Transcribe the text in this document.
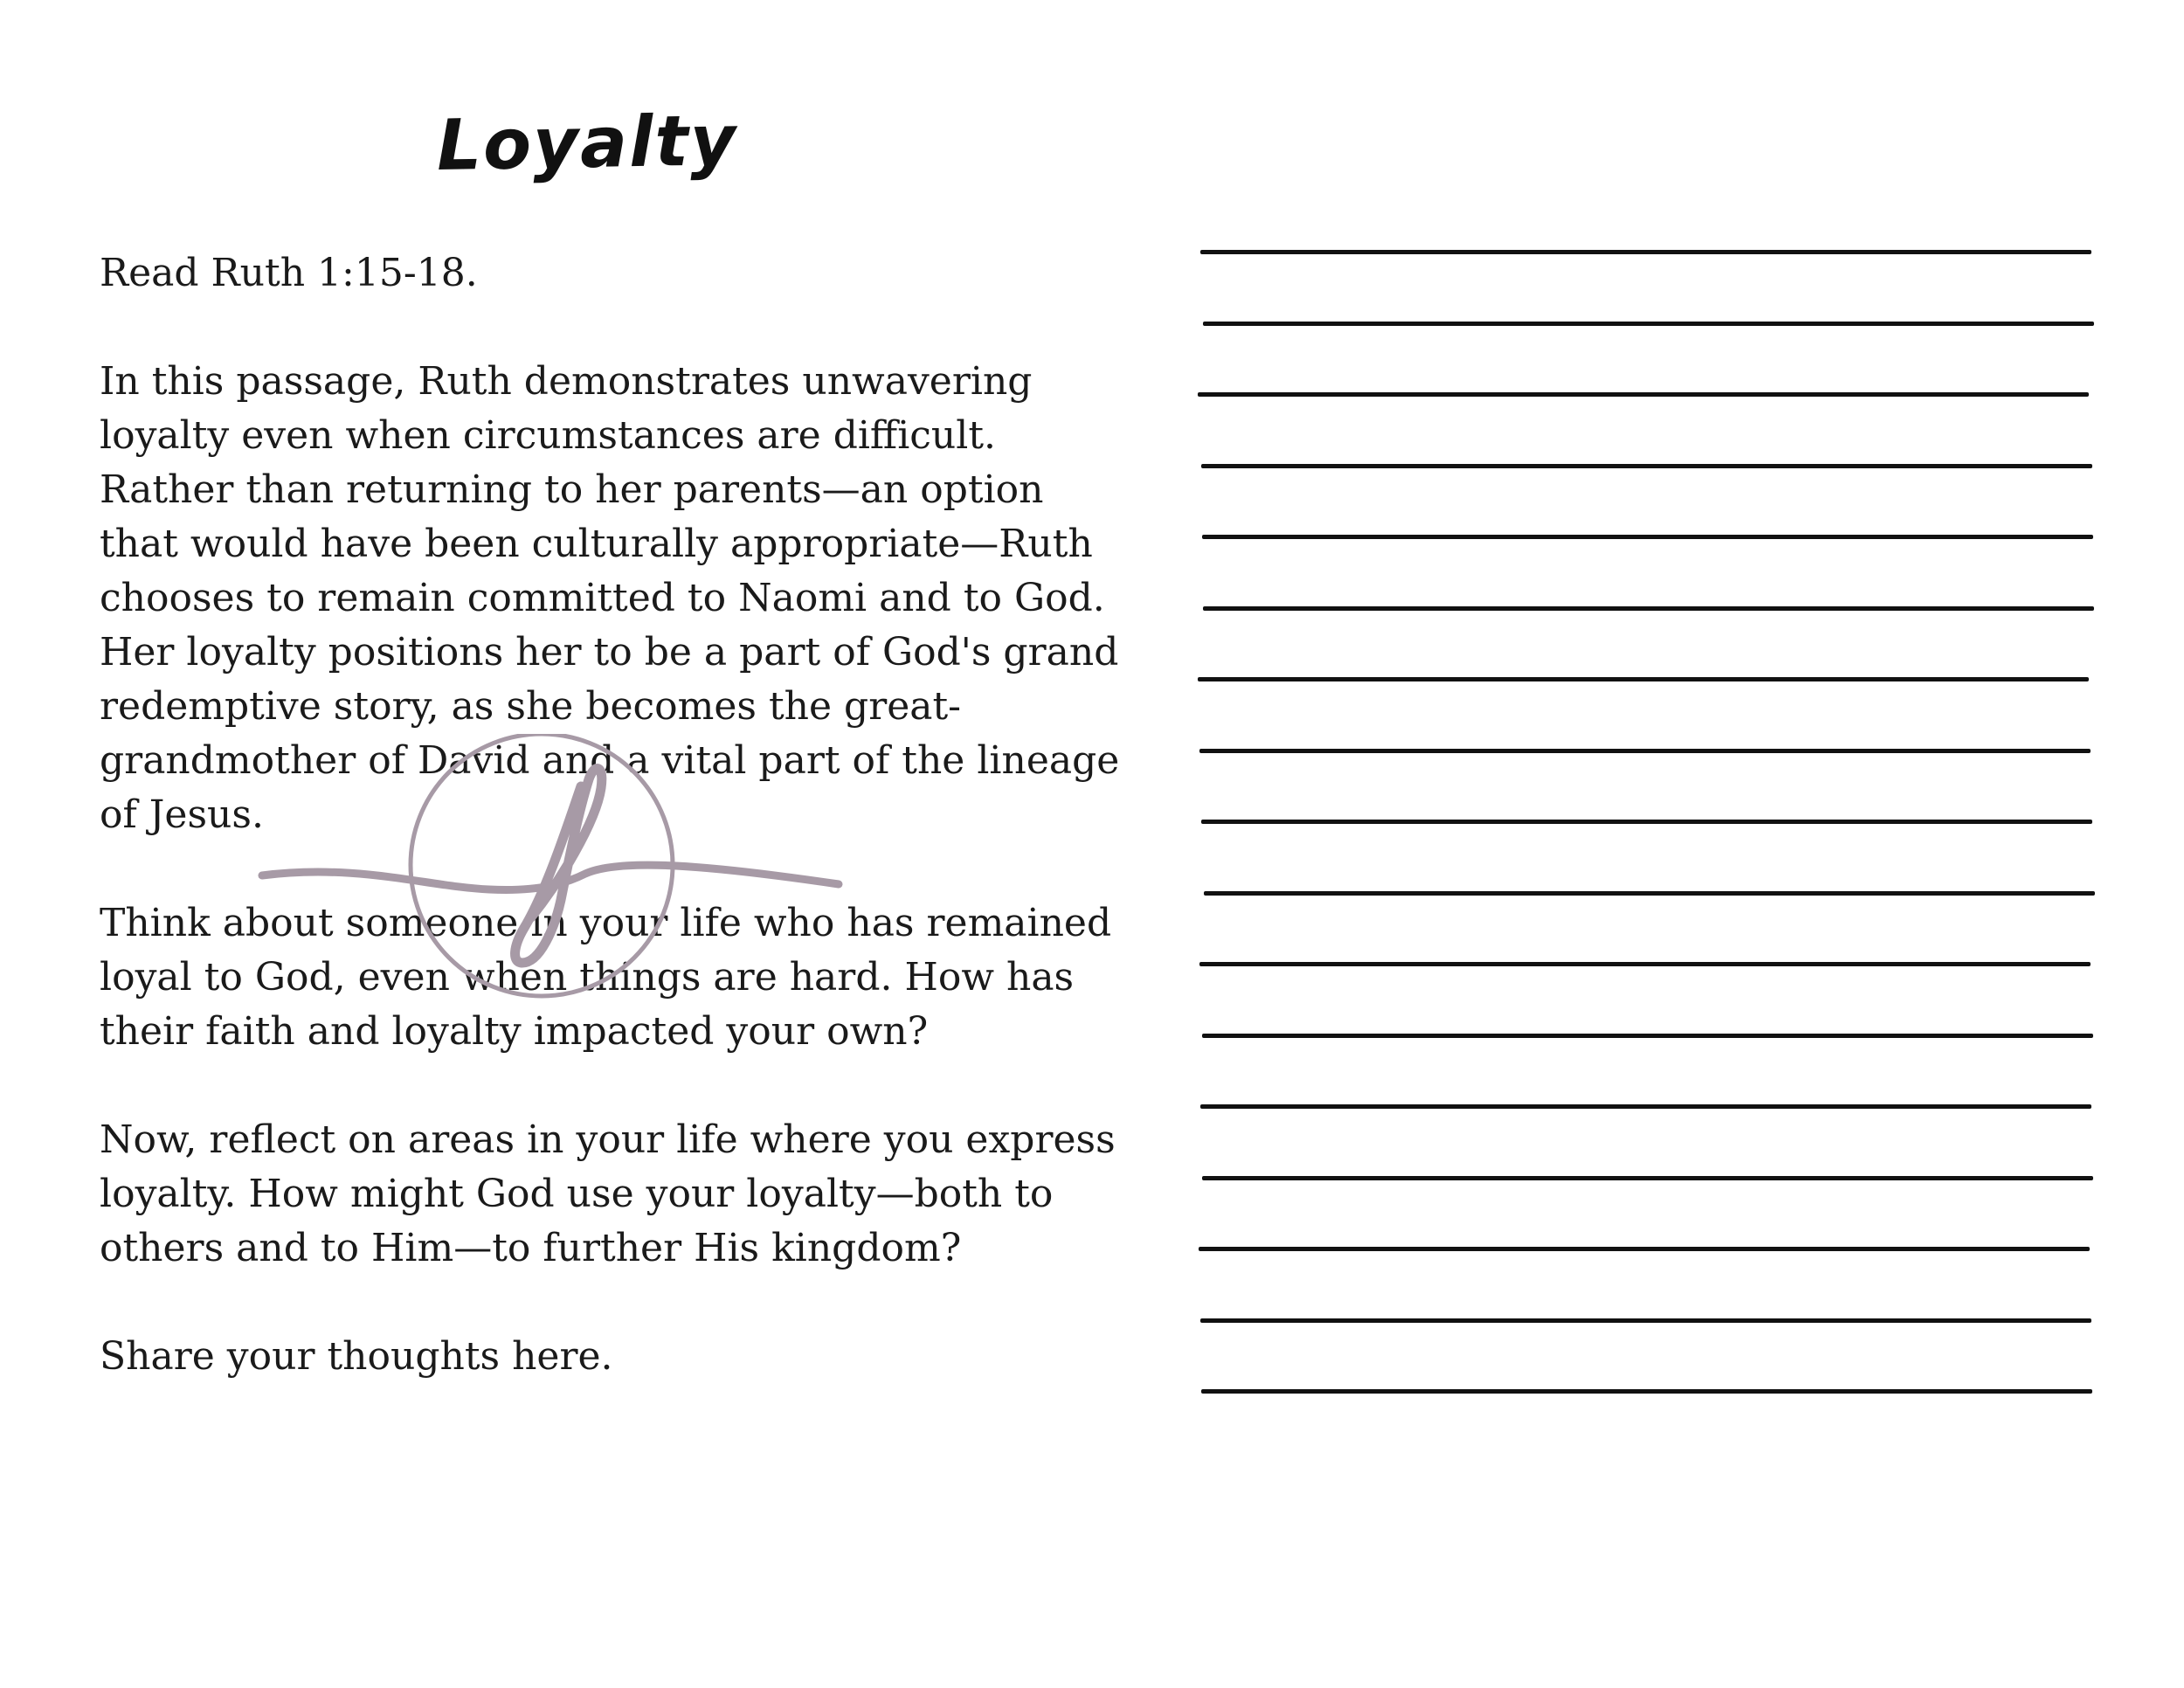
Loyalty

Read Ruth 1:15-18.

In this passage, Ruth demonstrates unwavering
loyalty even when circumstances are difficult.
Rather than returning to her parents—an option
that would have been culturally appropriate—Ruth
chooses to remain committed to Naomi and to God.
Her loyalty positions her to be a part of God's grand
redemptive story, as she becomes the great-
grandmother of David and a vital part of the lineage
of Jesus.

Think about someone in your life who has remained
loyal to God, even when things are hard. How has
their faith and loyalty impacted your own?

Now, reflect on areas in your life where you express
loyalty. How might God use your loyalty—both to
others and to Him—to further His kingdom?

Share your thoughts here.
